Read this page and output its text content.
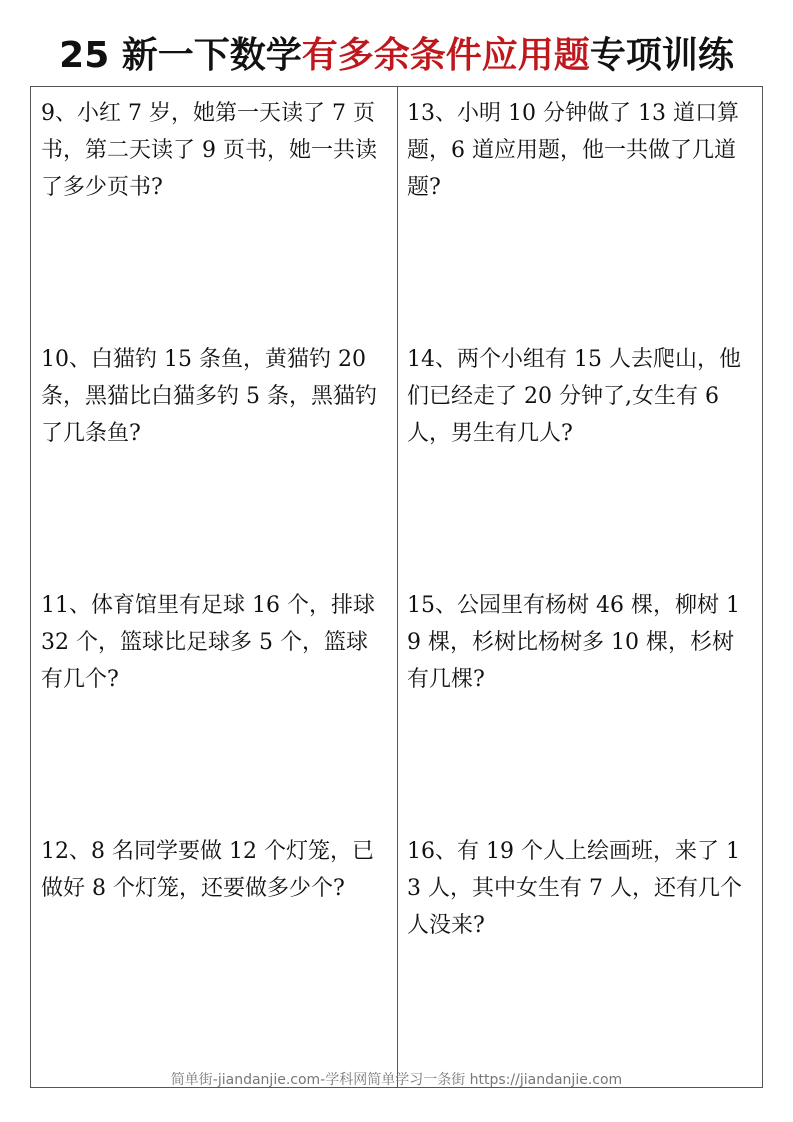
25 新一下数学有多余条件应用题专项训练
9、小红 7 岁，她第一天读了 7 页书，第二天读了 9 页书，她一共读了多少页书?
13、小明 10 分钟做了 13 道口算题，6 道应用题，他一共做了几道题?
10、白猫钓 15 条鱼，黄猫钓 20 条，黑猫比白猫多钓 5 条，黑猫钓了几条鱼?
14、两个小组有 15 人去爬山，他们已经走了 20 分钟了,女生有 6 人，男生有几人?
11、体育馆里有足球 16 个，排球 32 个，篮球比足球多 5 个，篮球有几个?
15、公园里有杨树 46 棵，柳树 19 棵，杉树比杨树多 10 棵，杉树有几棵?
12、8 名同学要做 12 个灯笼，已做好 8 个灯笼，还要做多少个?
16、有 19 个人上绘画班，来了 13 人，其中女生有 7 人，还有几个人没来?
简单街-jiandanjie.com-学科网简单学习一条街 https://jiandanjie.com
